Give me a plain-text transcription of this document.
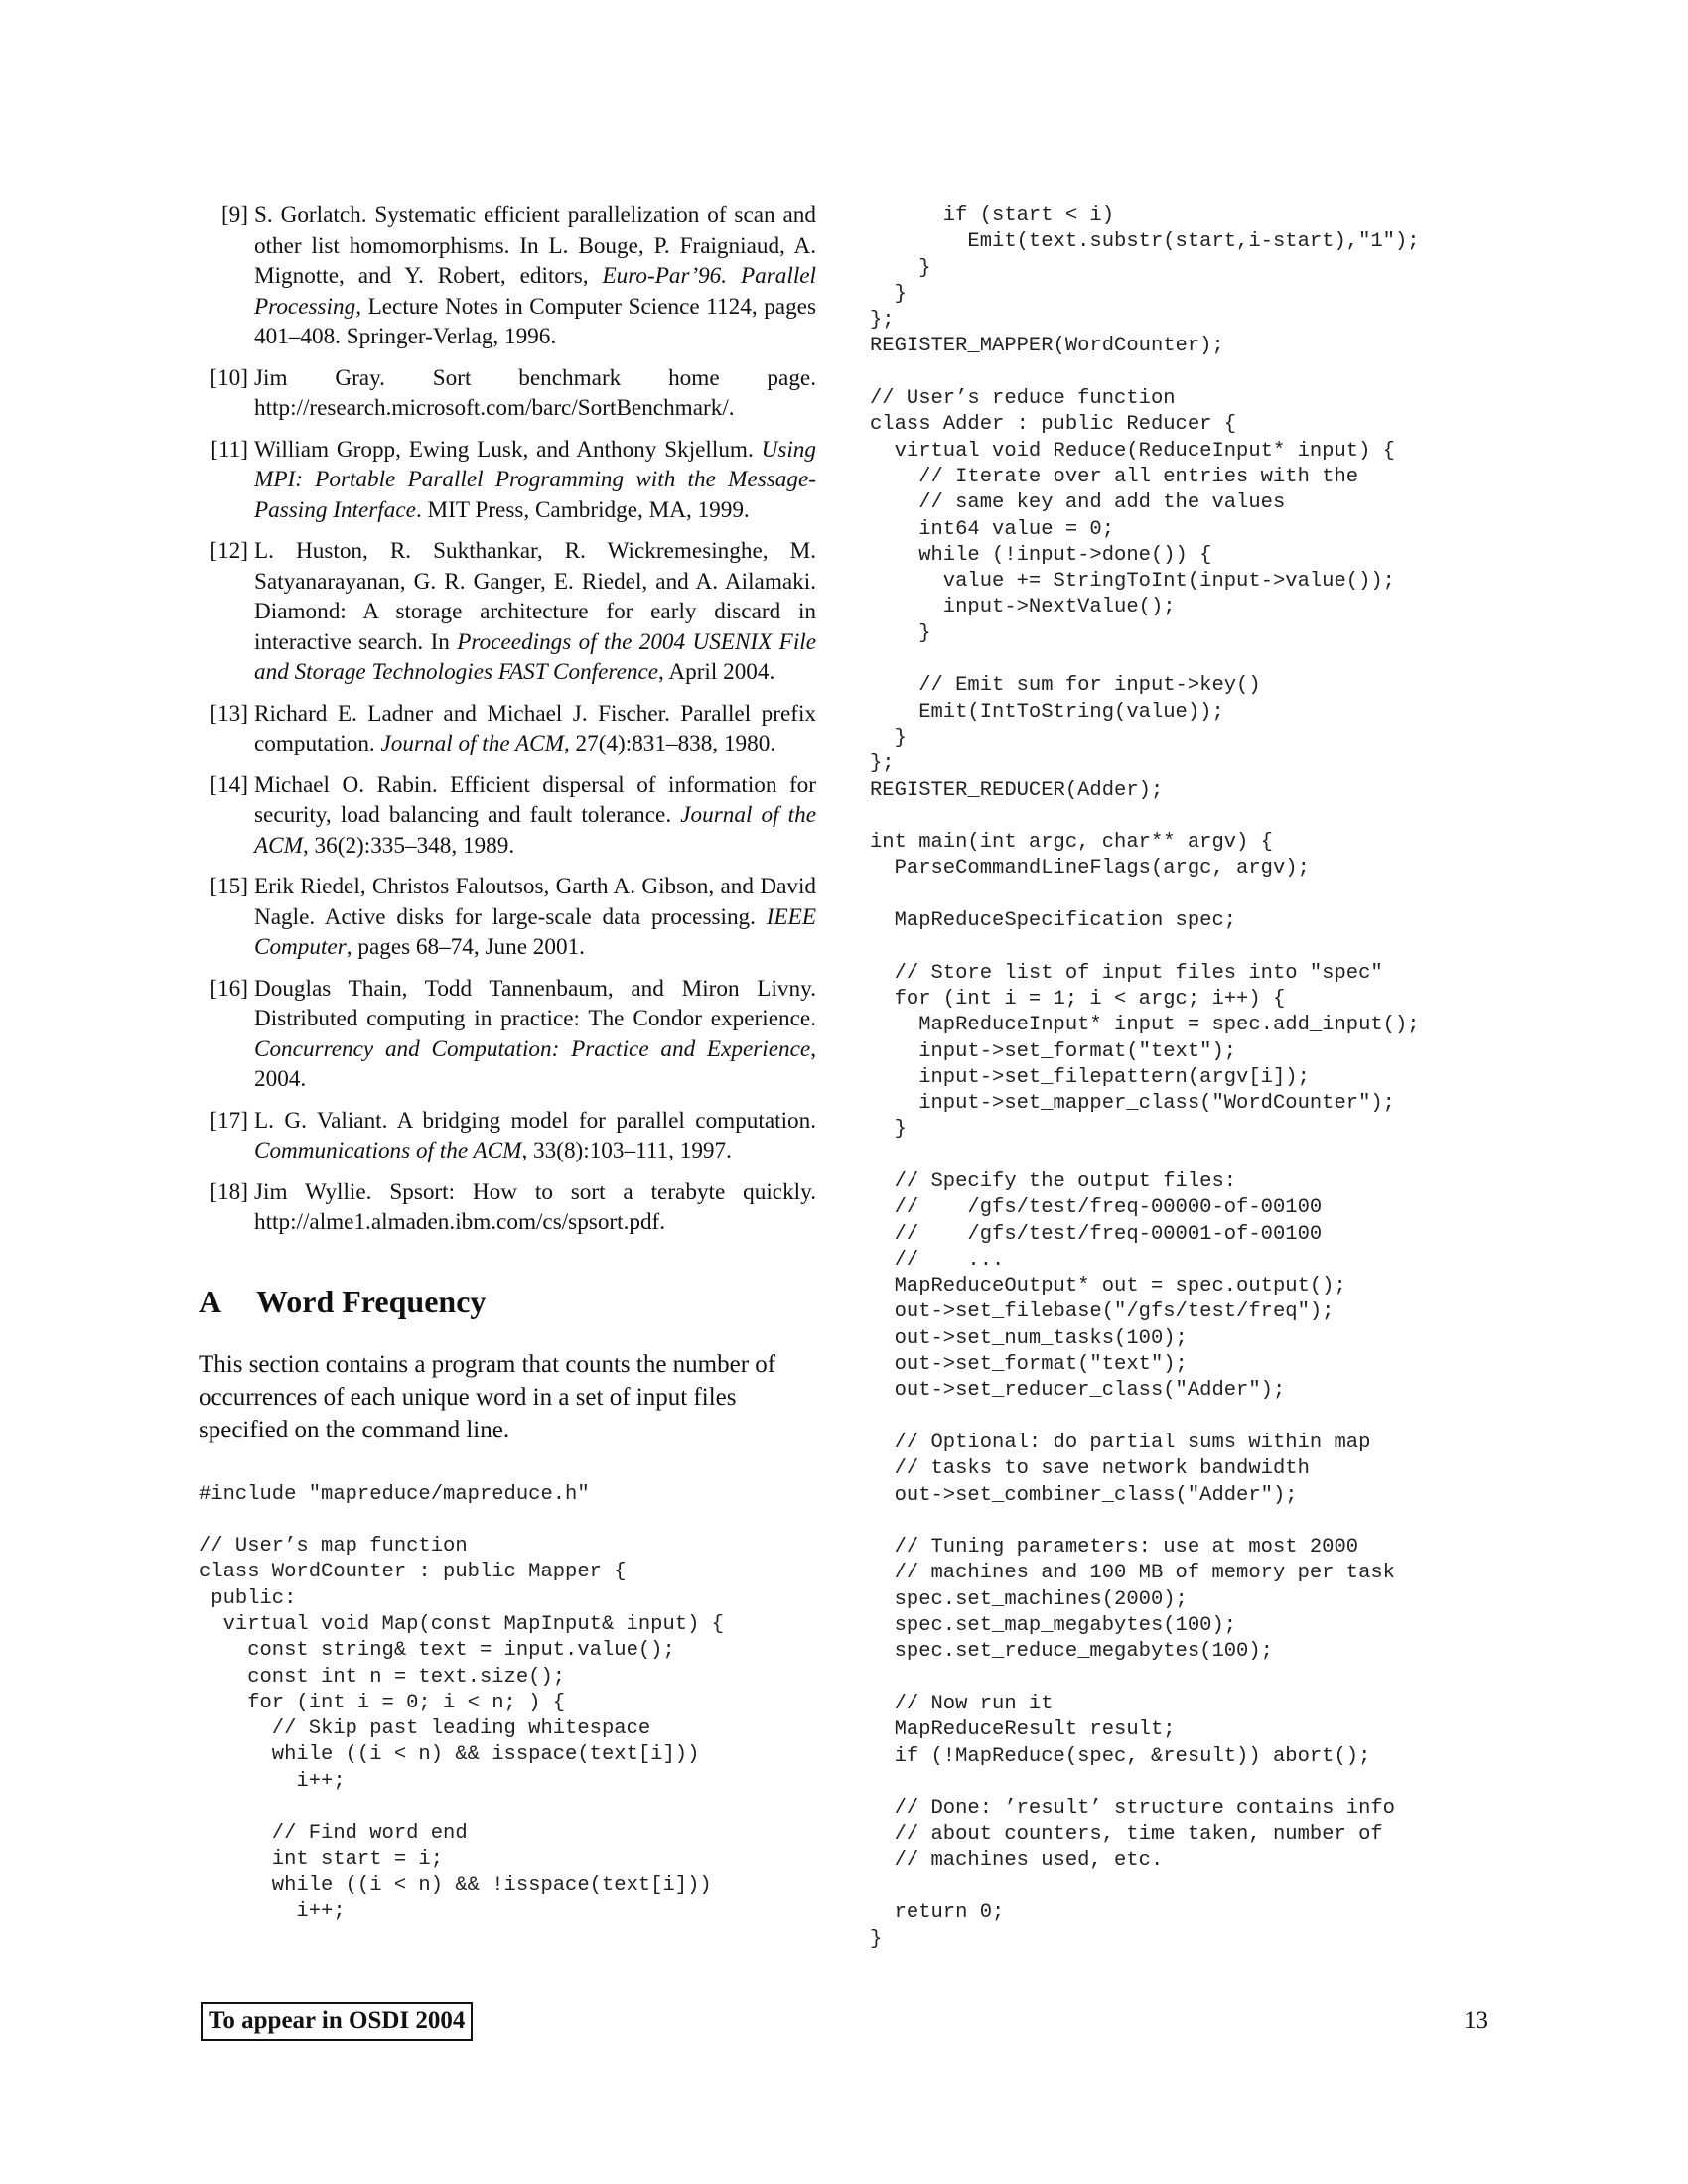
[9] S. Gorlatch. Systematic efficient parallelization of scan and other list homomorphisms. In L. Bouge, P. Fraigniaud, A. Mignotte, and Y. Robert, editors, Euro-Par’96. Parallel Processing, Lecture Notes in Computer Science 1124, pages 401–408. Springer-Verlag, 1996.
[10] Jim Gray. Sort benchmark home page. http://research.microsoft.com/barc/SortBenchmark/.
[11] William Gropp, Ewing Lusk, and Anthony Skjellum. Using MPI: Portable Parallel Programming with the Message-Passing Interface. MIT Press, Cambridge, MA, 1999.
[12] L. Huston, R. Sukthankar, R. Wickremesinghe, M. Satyanarayanan, G. R. Ganger, E. Riedel, and A. Ailamaki. Diamond: A storage architecture for early discard in interactive search. In Proceedings of the 2004 USENIX File and Storage Technologies FAST Conference, April 2004.
[13] Richard E. Ladner and Michael J. Fischer. Parallel prefix computation. Journal of the ACM, 27(4):831–838, 1980.
[14] Michael O. Rabin. Efficient dispersal of information for security, load balancing and fault tolerance. Journal of the ACM, 36(2):335–348, 1989.
[15] Erik Riedel, Christos Faloutsos, Garth A. Gibson, and David Nagle. Active disks for large-scale data processing. IEEE Computer, pages 68–74, June 2001.
[16] Douglas Thain, Todd Tannenbaum, and Miron Livny. Distributed computing in practice: The Condor experience. Concurrency and Computation: Practice and Experience, 2004.
[17] L. G. Valiant. A bridging model for parallel computation. Communications of the ACM, 33(8):103–111, 1997.
[18] Jim Wyllie. Spsort: How to sort a terabyte quickly. http://alme1.almaden.ibm.com/cs/spsort.pdf.
A Word Frequency

This section contains a program that counts the number of occurrences of each unique word in a set of input files specified on the command line.

#include "mapreduce/mapreduce.h"

// User’s map function
class WordCounter : public Mapper {
public:
virtual void Map(const MapInput& input) {
const string& text = input.value();
const int n = text.size();
for (int i = 0; i < n; ) {
// Skip past leading whitespace
while ((i < n) && isspace(text[i]))
i++;

// Find word end
int start = i;
while ((i < n) && !isspace(text[i]))
i++;
if (start < i)
Emit(text.substr(start,i-start),"1");
}
}
};
REGISTER_MAPPER(WordCounter);

// User’s reduce function
class Adder : public Reducer {
virtual void Reduce(ReduceInput* input) {
// Iterate over all entries with the
// same key and add the values
int64 value = 0;
while (!input->done()) {
value += StringToInt(input->value());
input->NextValue();
}

// Emit sum for input->key()
Emit(IntToString(value));
}
};
REGISTER_REDUCER(Adder);

int main(int argc, char** argv) {
ParseCommandLineFlags(argc, argv);

MapReduceSpecification spec;

// Store list of input files into "spec"
for (int i = 1; i < argc; i++) {
MapReduceInput* input = spec.add_input();
input->set_format("text");
input->set_filepattern(argv[i]);
input->set_mapper_class("WordCounter");
}

// Specify the output files:
//    /gfs/test/freq-00000-of-00100
//    /gfs/test/freq-00001-of-00100
//    ...
MapReduceOutput* out = spec.output();
out->set_filebase("/gfs/test/freq");
out->set_num_tasks(100);
out->set_format("text");
out->set_reducer_class("Adder");

// Optional: do partial sums within map
// tasks to save network bandwidth
out->set_combiner_class("Adder");

// Tuning parameters: use at most 2000
// machines and 100 MB of memory per task
spec.set_machines(2000);
spec.set_map_megabytes(100);
spec.set_reduce_megabytes(100);

// Now run it
MapReduceResult result;
if (!MapReduce(spec, &result)) abort();

// Done: ’result’ structure contains info
// about counters, time taken, number of
// machines used, etc.

return 0;
}
To appear in OSDI 2004	13
